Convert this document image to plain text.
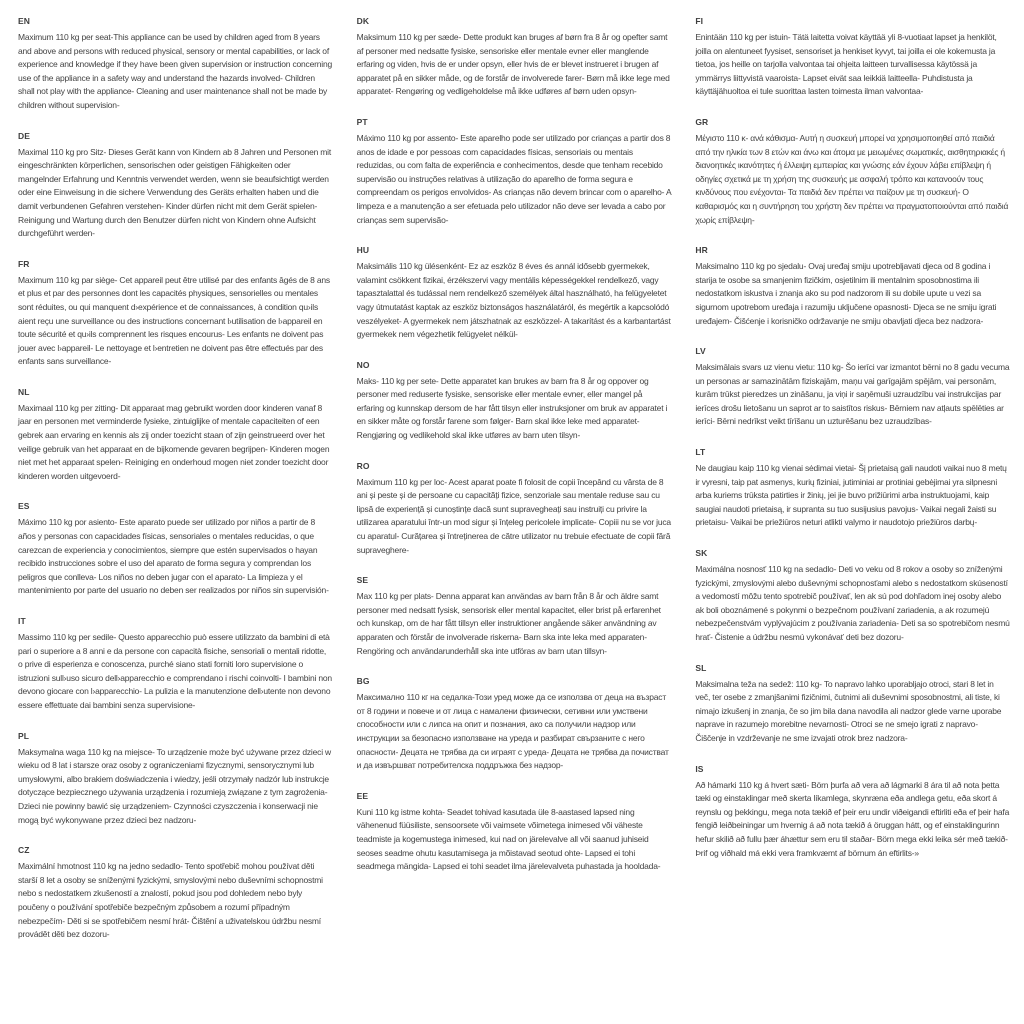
EN

Maximum 110 kg per seat-This appliance can be used by children aged from 8 years and above and persons with reduced physical, sensory or mental capabilities, or lack of experience and knowledge if they have been given supervision or instruction concerning use of the appliance in a safety way and understand the hazards involved- Children shall not play with the appliance- Cleaning and user maintenance shall not be made by children without supervision-

DE

Maximal 110 kg pro Sitz- Dieses Gerät kann von Kindern ab 8 Jahren und Personen mit eingeschränkten körperlichen, sensorischen oder geistigen Fähigkeiten oder mangelnder Erfahrung und Kenntnis verwendet werden, wenn sie beaufsichtigt werden oder eine Einweisung in die sichere Verwendung des Geräts erhalten haben und die damit verbundenen Gefahren verstehen- Kinder dürfen nicht mit dem Gerät spielen- Reinigung und Wartung durch den Benutzer dürfen nicht von Kindern ohne Aufsicht durchgeführt werden-

FR

Maximum 110 kg par siège- Cet appareil peut être utilisé par des enfants âgés de 8 ans et plus et par des personnes dont les capacités physiques, sensorielles ou mentales sont réduites, ou qui manquent d›expérience et de connaissances, à condition qu›ils aient reçu une surveillance ou des instructions concernant l›utilisation de l›appareil en toute sécurité et qu›ils comprennent les risques encourus- Les enfants ne doivent pas jouer avec l›appareil- Le nettoyage et l›entretien ne doivent pas être effectués par des enfants sans surveillance-

NL

Maximaal 110 kg per zitting- Dit apparaat mag gebruikt worden door kinderen vanaf 8 jaar en personen met verminderde fysieke, zintuiglijke of mentale capaciteiten of een gebrek aan ervaring en kennis als zij onder toezicht staan of zijn geinstrueerd over het veilige gebruik van het apparaat en de bijkomende gevaren begrijpen- Kinderen mogen niet met het apparaat spelen- Reiniging en onderhoud mogen niet zonder toezicht door kinderen worden uitgevoerd-

ES

Máximo 110 kg por asiento- Este aparato puede ser utilizado por niños a partir de 8 años y personas con capacidades físicas, sensoriales o mentales reducidas, o que carezcan de experiencia y conocimientos, siempre que estén supervisados o hayan recibido instrucciones sobre el uso del aparato de forma segura y comprendan los peligros que conlleva- Los niños no deben jugar con el aparato- La limpieza y el mantenimiento por parte del usuario no deben ser realizados por niños sin supervisión-

IT

Massimo 110 kg per sedile- Questo apparecchio può essere utilizzato da bambini di età pari o superiore a 8 anni e da persone con capacità fisiche, sensoriali o mentali ridotte, o prive di esperienza e conoscenza, purché siano stati forniti loro supervisione o istruzioni sull›uso sicuro dell›apparecchio e comprendano i rischi coinvolti- I bambini non devono giocare con l›apparecchio- La pulizia e la manutenzione dell›utente non devono essere effettuate dai bambini senza supervisione-

PL

Maksymalna waga 110 kg na miejsce- To urządzenie może być używane przez dzieci w wieku od 8 lat i starsze oraz osoby z ograniczeniami fizycznymi, sensorycznymi lub umysłowymi, albo brakiem doświadczenia i wiedzy, jeśli otrzymały nadzór lub instrukcje dotyczące bezpiecznego używania urządzenia i rozumieją związane z tym zagrożenia- Dzieci nie powinny bawić się urządzeniem- Czynności czyszczenia i konserwacji nie mogą być wykonywane przez dzieci bez nadzoru-

CZ

Maximální hmotnost 110 kg na jedno sedadlo- Tento spotřebič mohou používat děti starší 8 let a osoby se sníženými fyzickými, smyslovými nebo duševními schopnostmi nebo s nedostatkem zkušeností a znalostí, pokud jsou pod dohledem nebo byly poučeny o používání spotřebiče bezpečným způsobem a rozumí případným nebezpečím- Děti si se spotřebičem nesmí hrát- Čištění a uživatelskou údržbu nesmí provádět děti bez dozoru-

DK

Maksimum 110 kg per sæde- Dette produkt kan bruges af børn fra 8 år og opefter samt af personer med nedsatte fysiske, sensoriske eller mentale evner eller manglende erfaring og viden, hvis de er under opsyn, eller hvis de er blevet instrueret i brugen af apparatet på en sikker måde, og de forstår de involverede farer- Børn må ikke lege med apparatet- Rengøring og vedligeholdelse må ikke udføres af børn uden opsyn-

PT

Máximo 110 kg por assento- Este aparelho pode ser utilizado por crianças a partir dos 8 anos de idade e por pessoas com capacidades físicas, sensoriais ou mentais reduzidas, ou com falta de experiência e conhecimentos, desde que tenham recebido supervisão ou instruções relativas à utilização do aparelho de forma segura e compreendam os perigos envolvidos- As crianças não devem brincar com o aparelho- A limpeza e a manutenção a ser efetuada pelo utilizador não deve ser levada a cabo por crianças sem supervisão-

HU

Maksimális 110 kg ülésenként- Ez az eszköz 8 éves és annál idősebb gyermekek, valamint csökkent fizikai, érzékszervi vagy mentális képességekkel rendelkező, vagy tapasztalattal és tudással nem rendelkező személyek által használható, ha felügyeletet vagy útmutatást kaptak az eszköz biztonságos használatáról, és megértik a kapcsolódó veszélyeket- A gyermekek nem játszhatnak az eszközzel- A takarítást és a karbantartást gyermekek nem végezhetik felügyelet nélkül-

NO

Maks- 110 kg per sete- Dette apparatet kan brukes av barn fra 8 år og oppover og personer med reduserte fysiske, sensoriske eller mentale evner, eller mangel på erfaring og kunnskap dersom de har fått tilsyn eller instruksjoner om bruk av apparatet i en sikker måte og forstår farene som følger- Barn skal ikke leke med apparatet- Rengjøring og vedlikehold skal ikke utføres av barn uten tilsyn-

RO

Maximum 110 kg per loc- Acest aparat poate fi folosit de copii începând cu vârsta de 8 ani și peste și de persoane cu capacități fizice, senzoriale sau mentale reduse sau cu lipsă de experiență și cunoștințe dacă sunt supravegheați sau instruiți cu privire la utilizarea aparatului într-un mod sigur și înțeleg pericolele implicate- Copiii nu se vor juca cu aparatul- Curățarea și întreținerea de către utilizator nu trebuie efectuate de copii fără supraveghere-

SE

Max 110 kg per plats- Denna apparat kan användas av barn från 8 år och äldre samt personer med nedsatt fysisk, sensorisk eller mental kapacitet, eller brist på erfarenhet och kunskap, om de har fått tillsyn eller instruktioner angående säker användning av apparaten och förstår de involverade riskerna- Barn ska inte leka med apparaten- Rengöring och användarunderhåll ska inte utföras av barn utan tillsyn-

BG

Максимално 110 кг на седалка-Този уред може да се използва от деца на възраст от 8 години и повече и от лица с намалени физически, сетивни или умствени способности или с липса на опит и познания, ако са получили надзор или инструкции за безопасно използване на уреда и разбират свързаните с него опасности- Децата не трябва да си играят с уреда- Децата не трябва да почистват и да извършват потребителска поддръжка без надзор-

EE

Kuni 110 kg istme kohta- Seadet tohivad kasutada üle 8-aastased lapsed ning vähenenud füüsiliste, sensoorsete või vaimsete võimetega inimesed või väheste teadmiste ja kogemustega inimesed, kui nad on järelevalve all või saanud juhiseid seoses seadme ohutu kasutamisega ja mõistavad seotud ohte- Lapsed ei tohi seadmega mängida- Lapsed ei tohi seadet ilma järelevalveta puhastada ja hooldada-

FI

Enintään 110 kg per istuin- Tätä laitetta voivat käyttää yli 8-vuotiaat lapset ja henkilöt, joilla on alentuneet fyysiset, sensoriset ja henkiset kyvyt, tai joilla ei ole kokemusta ja tietoa, jos heille on tarjolla valvontaa tai ohjeita laitteen turvallisessa käytössä ja ymmärrys liittyvistä vaaroista- Lapset eivät saa leikkiä laitteella- Puhdistusta ja käyttäjähuoltoa ei tule suorittaa lasten toimesta ilman valvontaa-

GR

Μέγιστο 110 κ- ανά κάθισμα- Αυτή η συσκευή μπορεί να χρησιμοποιηθεί από παιδιά από την ηλικία των 8 ετών και άνω και άτομα με μειωμένες σωματικές, αισθητηριακές ή διανοητικές ικανότητες ή έλλειψη εμπειρίας και γνώσης εάν έχουν λάβει επίβλεψη ή οδηγίες σχετικά με τη χρήση της συσκευής με ασφαλή τρόπο και κατανοούν τους κινδύνους που ενέχονται- Τα παιδιά δεν πρέπει να παίζουν με τη συσκευή- Ο καθαρισμός και η συντήρηση του χρήστη δεν πρέπει να πραγματοποιούνται από παιδιά χωρίς επίβλεψη-

HR

Maksimalno 110 kg po sjedalu- Ovaj uređaj smiju upotrebljavati djeca od 8 godina i starija te osobe sa smanjenim fizičkim, osjetilnim ili mentalnim sposobnostima ili nedostatkom iskustva i znanja ako su pod nadzorom ili su dobile upute u vezi sa sigurnom upotrebom uređaja i razumiju uključene opasnosti- Djeca se ne smiju igrati uređajem- Čišćenje i korisničko održavanje ne smiju obavljati djeca bez nadzora-

LV

Maksimālais svars uz vienu vietu: 110 kg- Šo ierīci var izmantot bērni no 8 gadu vecuma un personas ar samazinātām fiziskajām, maņu vai garīgajām spējām, vai personām, kurām trūkst pieredzes un zināšanu, ja viņi ir saņēmuši uzraudzību vai instrukcijas par ierīces drošu lietošanu un saprot ar to saistītos riskus- Bērniem nav atļauts spēlēties ar ierīci- Bērni nedrīkst veikt tīrīšanu un uzturēšanu bez uzraudzības-

LT

Ne daugiau kaip 110 kg vienai sėdimai vietai- Šį prietaisą gali naudoti vaikai nuo 8 metų ir vyresni, taip pat asmenys, kurių fiziniai, jutiminiai ar protiniai gebėjimai yra silpnesni arba kuriems trūksta patirties ir žinių, jei jie buvo prižiūrimi arba instruktuojami, kaip saugiai naudoti prietaisą, ir supranta su tuo susijusius pavojus- Vaikai negali žaisti su prietaisu- Vaikai be priežiūros neturi atlikti valymo ir naudotojo priežiūros darbų-

SK

Maximálna nosnosť 110 kg na sedadlo- Deti vo veku od 8 rokov a osoby so zníženými fyzickými, zmyslovými alebo duševnými schopnosťami alebo s nedostatkom skúseností a vedomostí môžu tento spotrebič používať, len ak sú pod dohľadom inej osoby alebo ak boli oboznámené s pokynmi o bezpečnom používaní zariadenia, a ak rozumejú nebezpečenstvám vyplývajúcim z používania zariadenia- Deti sa so spotrebičom nesmú hrať- Čistenie a údržbu nesmú vykonávať deti bez dozoru-

SL

Maksimalna teža na sedež: 110 kg- To napravo lahko uporabljajo otroci, stari 8 let in več, ter osebe z zmanjšanimi fizičnimi, čutnimi ali duševnimi sposobnostmi, ali tiste, ki nimajo izkušenj in znanja, če so jim bila dana navodila ali nadzor glede varne uporabe naprave in razumejo morebitne nevarnosti- Otroci se ne smejo igrati z napravo- Čiščenje in vzdrževanje ne sme izvajati otrok brez nadzora-

IS

Að hámarki 110 kg á hvert sæti- Börn þurfa að vera að lágmarki 8 ára til að nota þetta tæki og einstaklingar með skerta líkamlega, skynræna eða andlega getu, eða skort á reynslu og þekkingu, mega nota tækið ef þeir eru undir viðeigandi eftirliti eða ef þeir hafa fengið leiðbeiningar um hvernig á að nota tækið á öruggan hátt, og ef einstaklingurinn hefur skilið að fullu þær áhættur sem eru til staðar- Börn mega ekki leika sér með tækið- Þrif og viðhald má ekki vera framkvæmt af börnum án eftirlits-»
